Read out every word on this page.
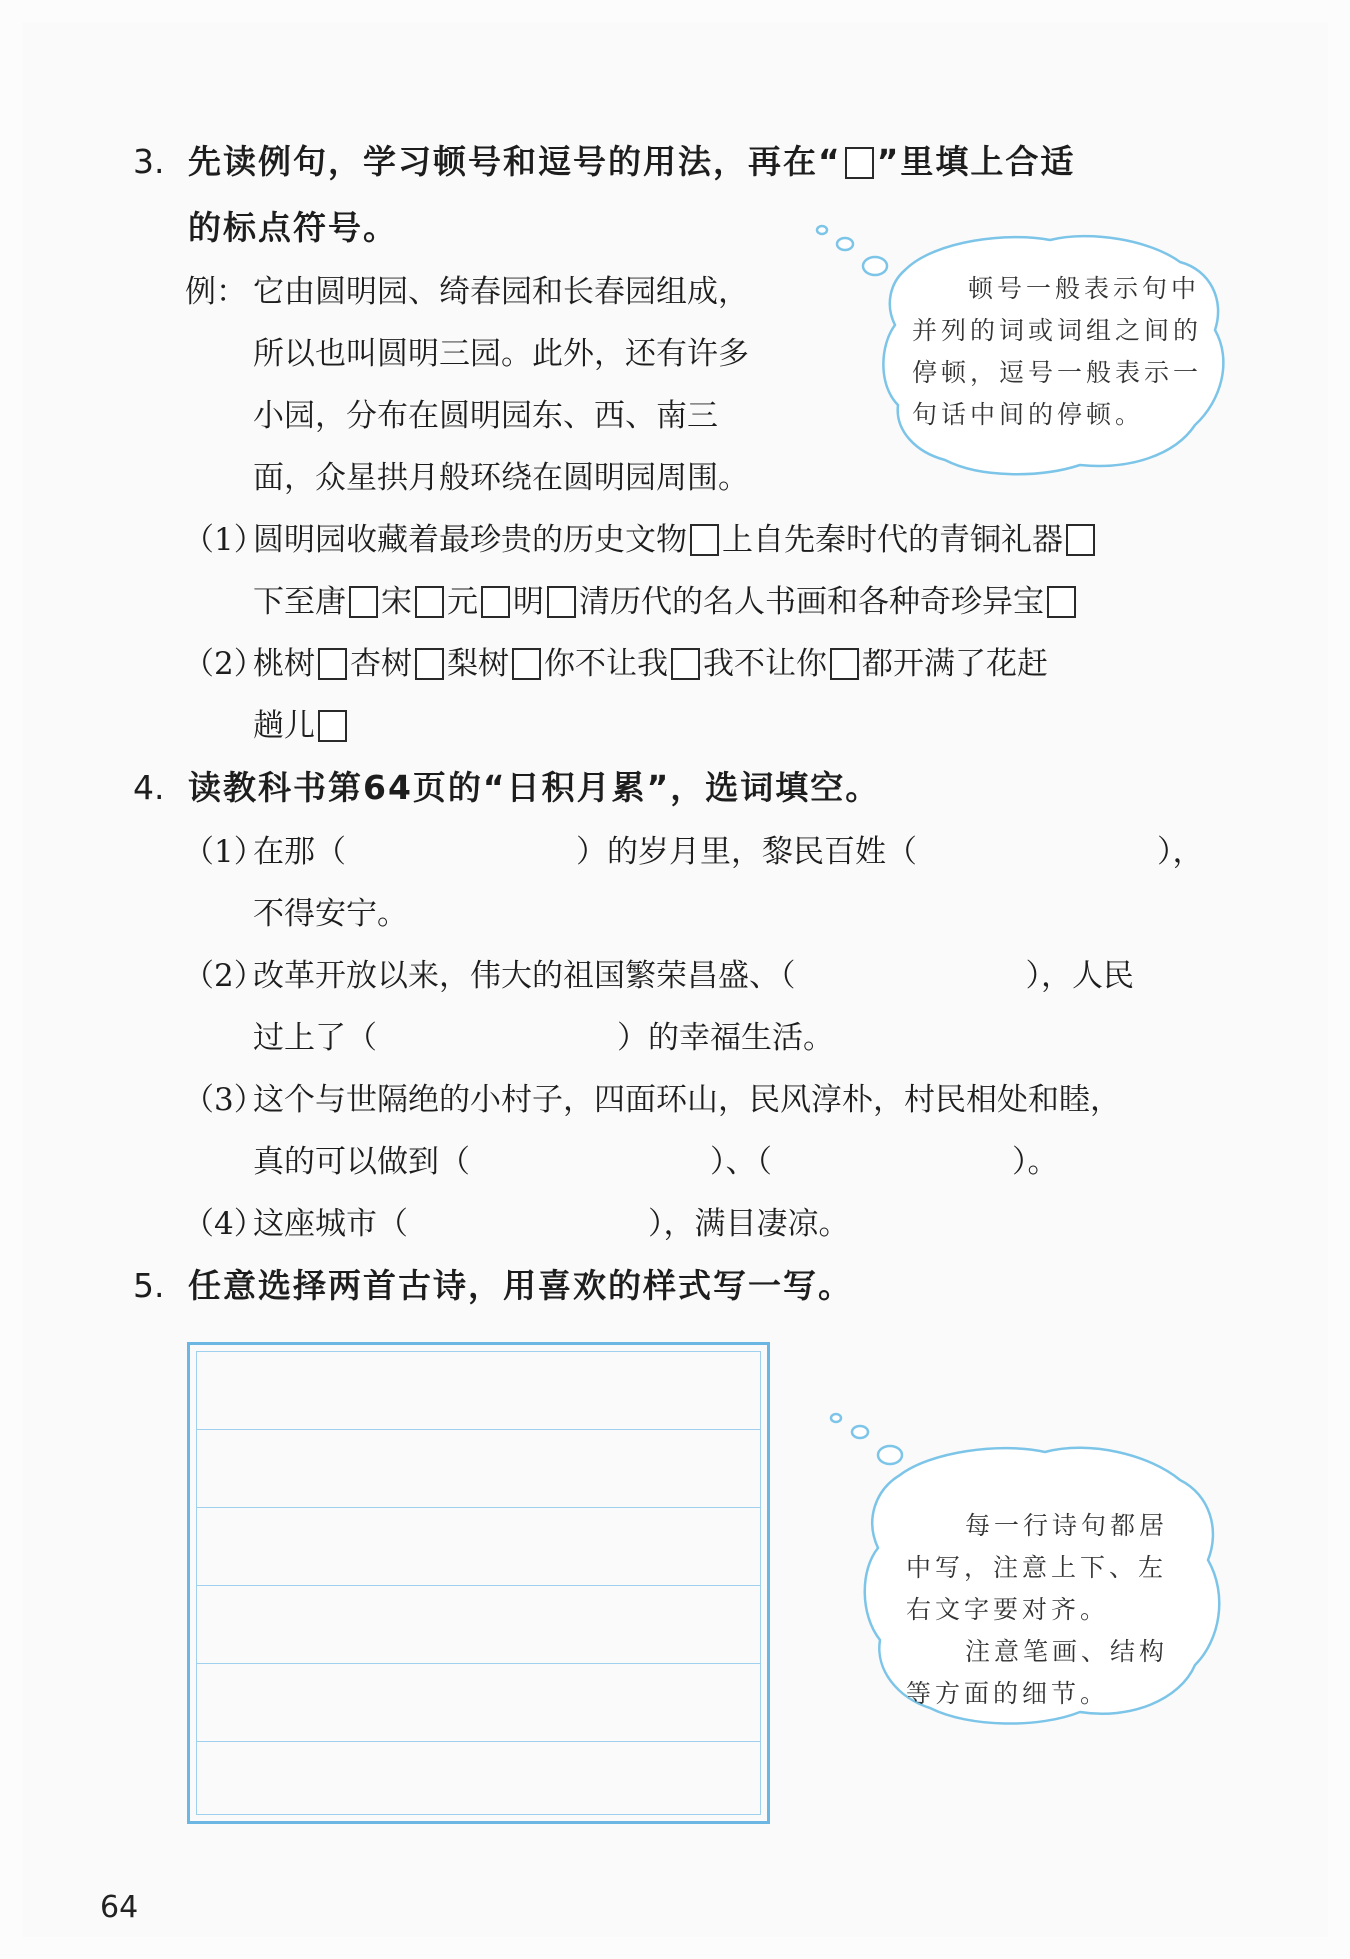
3. 先读例句，学习顿号和逗号的用法，再在“ ”里填上合适
的标点符号。
例： 它由圆明园、绮春园和长春园组成，
所以也叫圆明三园。此外，还有许多
小园，分布在圆明园东、西、南三
面，众星拱月般环绕在圆明园周围。
顿号一般表示句中
并列的词或词组之间的
停顿，逗号一般表示一
句话中间的停顿。
（1）
圆明园收藏着最珍贵的历史文物 上自先秦时代的青铜礼器
下至唐 宋 元 明 清历代的名人书画和各种奇珍异宝
（2）
桃树 杏树 梨树 你不让我 我不让你 都开满了花赶
趟儿
4. 读教科书第64页的“日积月累”，选词填空。
（1）
在那（	）的岁月里，黎民百姓（	），
不得安宁。
（2）
改革开放以来，伟大的祖国繁荣昌盛、（	），人民
过上了（	）的幸福生活。
（3）
这个与世隔绝的小村子，四面环山，民风淳朴，村民相处和睦，
真的可以做到（	）、（	）。
（4）
这座城市（	），满目凄凉。
5. 任意选择两首古诗，用喜欢的样式写一写。
每一行诗句都居
中写，注意上下、左
右文字要对齐。
注意笔画、结构
等方面的细节。
64
